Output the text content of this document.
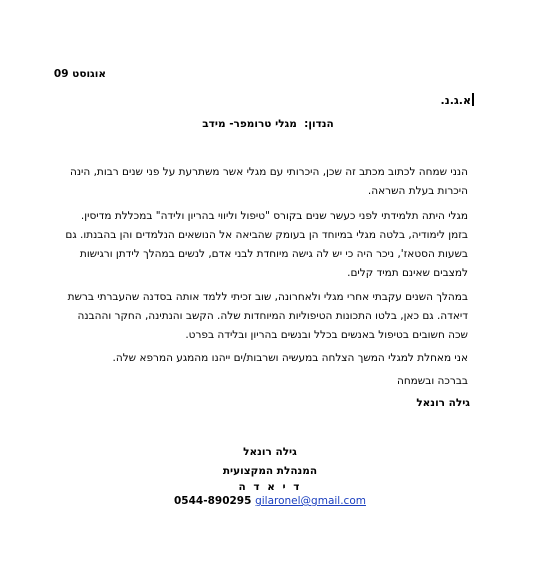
אוגוסט 09
א.ג.נ.
הנדון:  מגלי טרומפר- מידב
הנני שמחה לכתוב מכתב זה שכן, היכרותי עם מגלי אשר משתרעת על פני שנים רבות, הינה היכרות בעלת השראה.
מגלי היתה תלמידתי לפני כעשר שנים בקורס "טיפול וליווי בהריון ולידה" במכללת מדיסין. בזמן לימודיה, בלטה מגלי במיוחד הן בעומק שהביאה אל הנושאים הנלמדים והן בהבנתו. גם בשעות הסטאז', ניכר היה כי יש לה גישה מיוחדת לבני אדם, לנשים במהלך לידתן ורגישות למצבים שאינם תמיד קלים.
במהלך השנים עקבתי אחרי מגלי ולאחרונה, שוב זכיתי ללמד אותה בסדנה שהעברתי ברשת דיאדה. גם כאן, בלטו התכונות הטיפוליות המיוחדות שלה. הקשב והנתינה, החקר וההבנה שכה חשובים בטיפול באנשים בכלל ובנשים בהריון ובלידה בפרט.
אני מאחלת למגלי המשך הצלחה במעשיה ושרבות/ים ייהנו מהמגע המרפא שלה.
בברכה ובשמחה
גילה רונאל
גילה רונאל
המנהלת המקצועית
ד י א ד ה
0544-890295 gilaronel@gmail.com
